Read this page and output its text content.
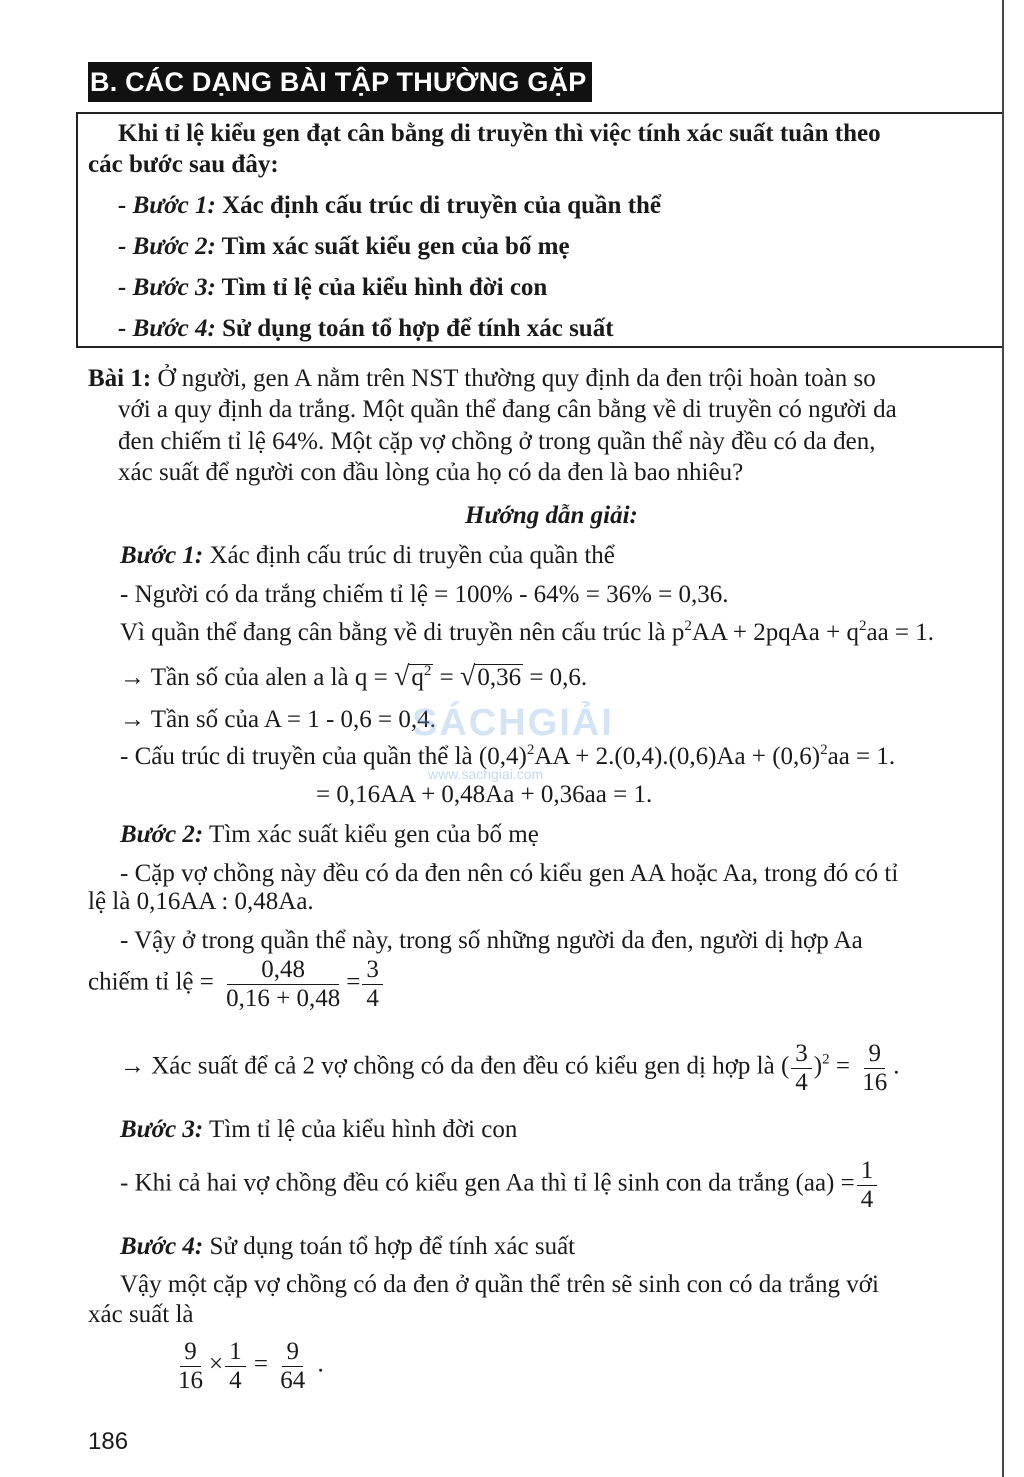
B. CÁC DẠNG BÀI TẬP THƯỜNG GẶP
Khi tỉ lệ kiểu gen đạt cân bằng di truyền thì việc tính xác suất tuân theo
các bước sau đây:
- Bước 1: Xác định cấu trúc di truyền của quần thể
- Bước 2: Tìm xác suất kiểu gen của bố mẹ
- Bước 3: Tìm tỉ lệ của kiểu hình đời con
- Bước 4: Sử dụng toán tổ hợp để tính xác suất
Bài 1: Ở người, gen A nằm trên NST thường quy định da đen trội hoàn toàn so
với a quy định da trắng. Một quần thể đang cân bằng về di truyền có người da
đen chiếm tỉ lệ 64%. Một cặp vợ chồng ở trong quần thể này đều có da đen,
xác suất để người con đầu lòng của họ có da đen là bao nhiêu?
Hướng dẫn giải:
Bước 1: Xác định cấu trúc di truyền của quần thể
- Người có da trắng chiếm tỉ lệ = 100% - 64% = 36% = 0,36.
Vì quần thể đang cân bằng về di truyền nên cấu trúc là $p^2AA$ + 2pqAa + $q^2aa = 1$.
→ Tần số của alen a là $q = √q^2 = √0,36 = 0,6$.
→ Tần số của A = 1 - 0,6 = 0,4.
- Cấu trúc di truyền của quần thể là $(0,4)^2AA + 2.(0,4).(0,6)Aa + (0,6)^2aa = 1$.
= 0,16AA + 0,48Aa + 0,36aa = 1.
Bước 2: Tìm xác suất kiểu gen của bố mẹ
- Cặp vợ chồng này đều có da đen nên có kiểu gen AA hoặc Aa, trong đó có tỉ
lệ là 0,16AA : 0,48Aa.
- Vậy ở trong quần thể này, trong số những người da đen, người dị hợp Aa
chiếm tỉ lệ = $\frac{0,48}{0,16 + 0,48} = \frac{3}{4}$
→ Xác suất để cả 2 vợ chồng có da đen đều có kiểu gen dị hợp là ( $\frac{3}{4} )^2 = \frac{9}{16}$ .
Bước 3: Tìm tỉ lệ của kiểu hình đời con
- Khi cả hai vợ chồng đều có kiểu gen Aa thì tỉ lệ sinh con da trắng $(aa) = \frac{1}{4}$
Bước 4: Sử dụng toán tổ hợp để tính xác suất
Vậy một cặp vợ chồng có da đen ở quần thể trên sẽ sinh con có da trắng với
xác suất là
$\frac{9}{16} \times \frac{1}{4} = \frac{9}{64}$ .
SÁCHGIẢI
www.sachgiai.com
186
